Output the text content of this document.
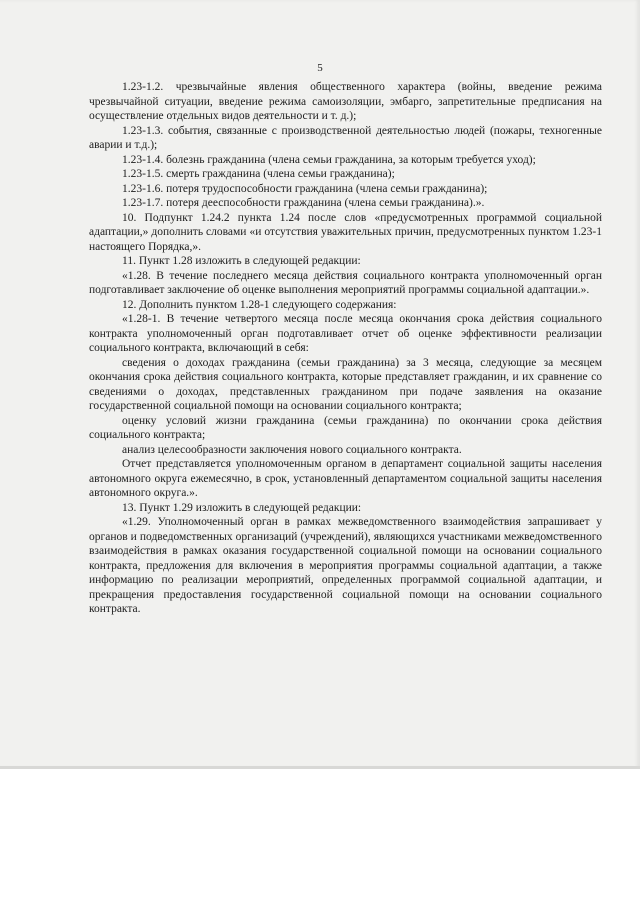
5

1.23-1.2. чрезвычайные явления общественного характера (войны, введение режима чрезвычайной ситуации, введение режима самоизоляции, эмбарго, запретительные предписания на осуществление отдельных видов деятельности и т. д.);

1.23-1.3. события, связанные с производственной деятельностью людей (пожары, техногенные аварии и т.д.);

1.23-1.4. болезнь гражданина (члена семьи гражданина, за которым требуется уход);

1.23-1.5. смерть гражданина (члена семьи гражданина);

1.23-1.6. потеря трудоспособности гражданина (члена семьи гражданина);

1.23-1.7. потеря дееспособности гражданина (члена семьи гражданина).».

10. Подпункт 1.24.2 пункта 1.24 после слов «предусмотренных программой социальной адаптации,» дополнить словами «и отсутствия уважительных причин, предусмотренных пунктом 1.23-1 настоящего Порядка,».

11. Пункт 1.28 изложить в следующей редакции:

«1.28. В течение последнего месяца действия социального контракта уполномоченный орган подготавливает заключение об оценке выполнения мероприятий программы социальной адаптации.».

12. Дополнить пунктом 1.28-1 следующего содержания:

«1.28-1. В течение четвертого месяца после месяца окончания срока действия социального контракта уполномоченный орган подготавливает отчет об оценке эффективности реализации социального контракта, включающий в себя:

сведения о доходах гражданина (семьи гражданина) за 3 месяца, следующие за месяцем окончания срока действия социального контракта, которые представляет гражданин, и их сравнение со сведениями о доходах, представленных гражданином при подаче заявления на оказание государственной социальной помощи на основании социального контракта;

оценку условий жизни гражданина (семьи гражданина) по окончании срока действия социального контракта;

анализ целесообразности заключения нового социального контракта.

Отчет представляется уполномоченным органом в департамент социальной защиты населения автономного округа ежемесячно, в срок, установленный департаментом социальной защиты населения автономного округа.».

13. Пункт 1.29 изложить в следующей редакции:

«1.29. Уполномоченный орган в рамках межведомственного взаимодействия запрашивает у органов и подведомственных организаций (учреждений), являющихся участниками межведомственного взаимодействия в рамках оказания государственной социальной помощи на основании социального контракта, предложения для включения в мероприятия программы социальной адаптации, а также информацию по реализации мероприятий, определенных программой социальной адаптации, и прекращения предоставления государственной социальной помощи на основании социального контракта.
